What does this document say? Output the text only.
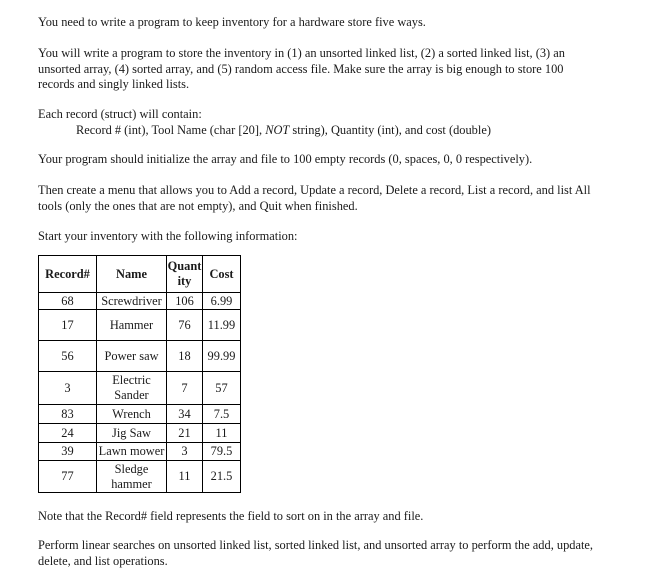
You need to write a program to keep inventory for a hardware store five ways.
You will write a program to store the inventory in (1) an unsorted linked list, (2) a sorted linked list, (3) an
unsorted array, (4) sorted array, and (5) random access file. Make sure the array is big enough to store 100
records and singly linked lists.
Each record (struct) will contain:
Record # (int), Tool Name (char [20], NOT string), Quantity (int), and cost (double)
Your program should initialize the array and file to 100 empty records (0, spaces, 0, 0 respectively).
Then create a menu that allows you to Add a record, Update a record, Delete a record, List a record, and list All
tools (only the ones that are not empty), and Quit when finished.
Start your inventory with the following information:
Record#	Name	Quantity	Cost
68	Screwdriver	106	6.99
17	Hammer	76	11.99
56	Power saw	18	99.99
3	Electric Sander	7	57
83	Wrench	34	7.5
24	Jig Saw	21	11
39	Lawn mower	3	79.5
77	Sledge hammer	11	21.5
Note that the Record# field represents the field to sort on in the array and file.
Perform linear searches on unsorted linked list, sorted linked list, and unsorted array to perform the add, update,
delete, and list operations.
